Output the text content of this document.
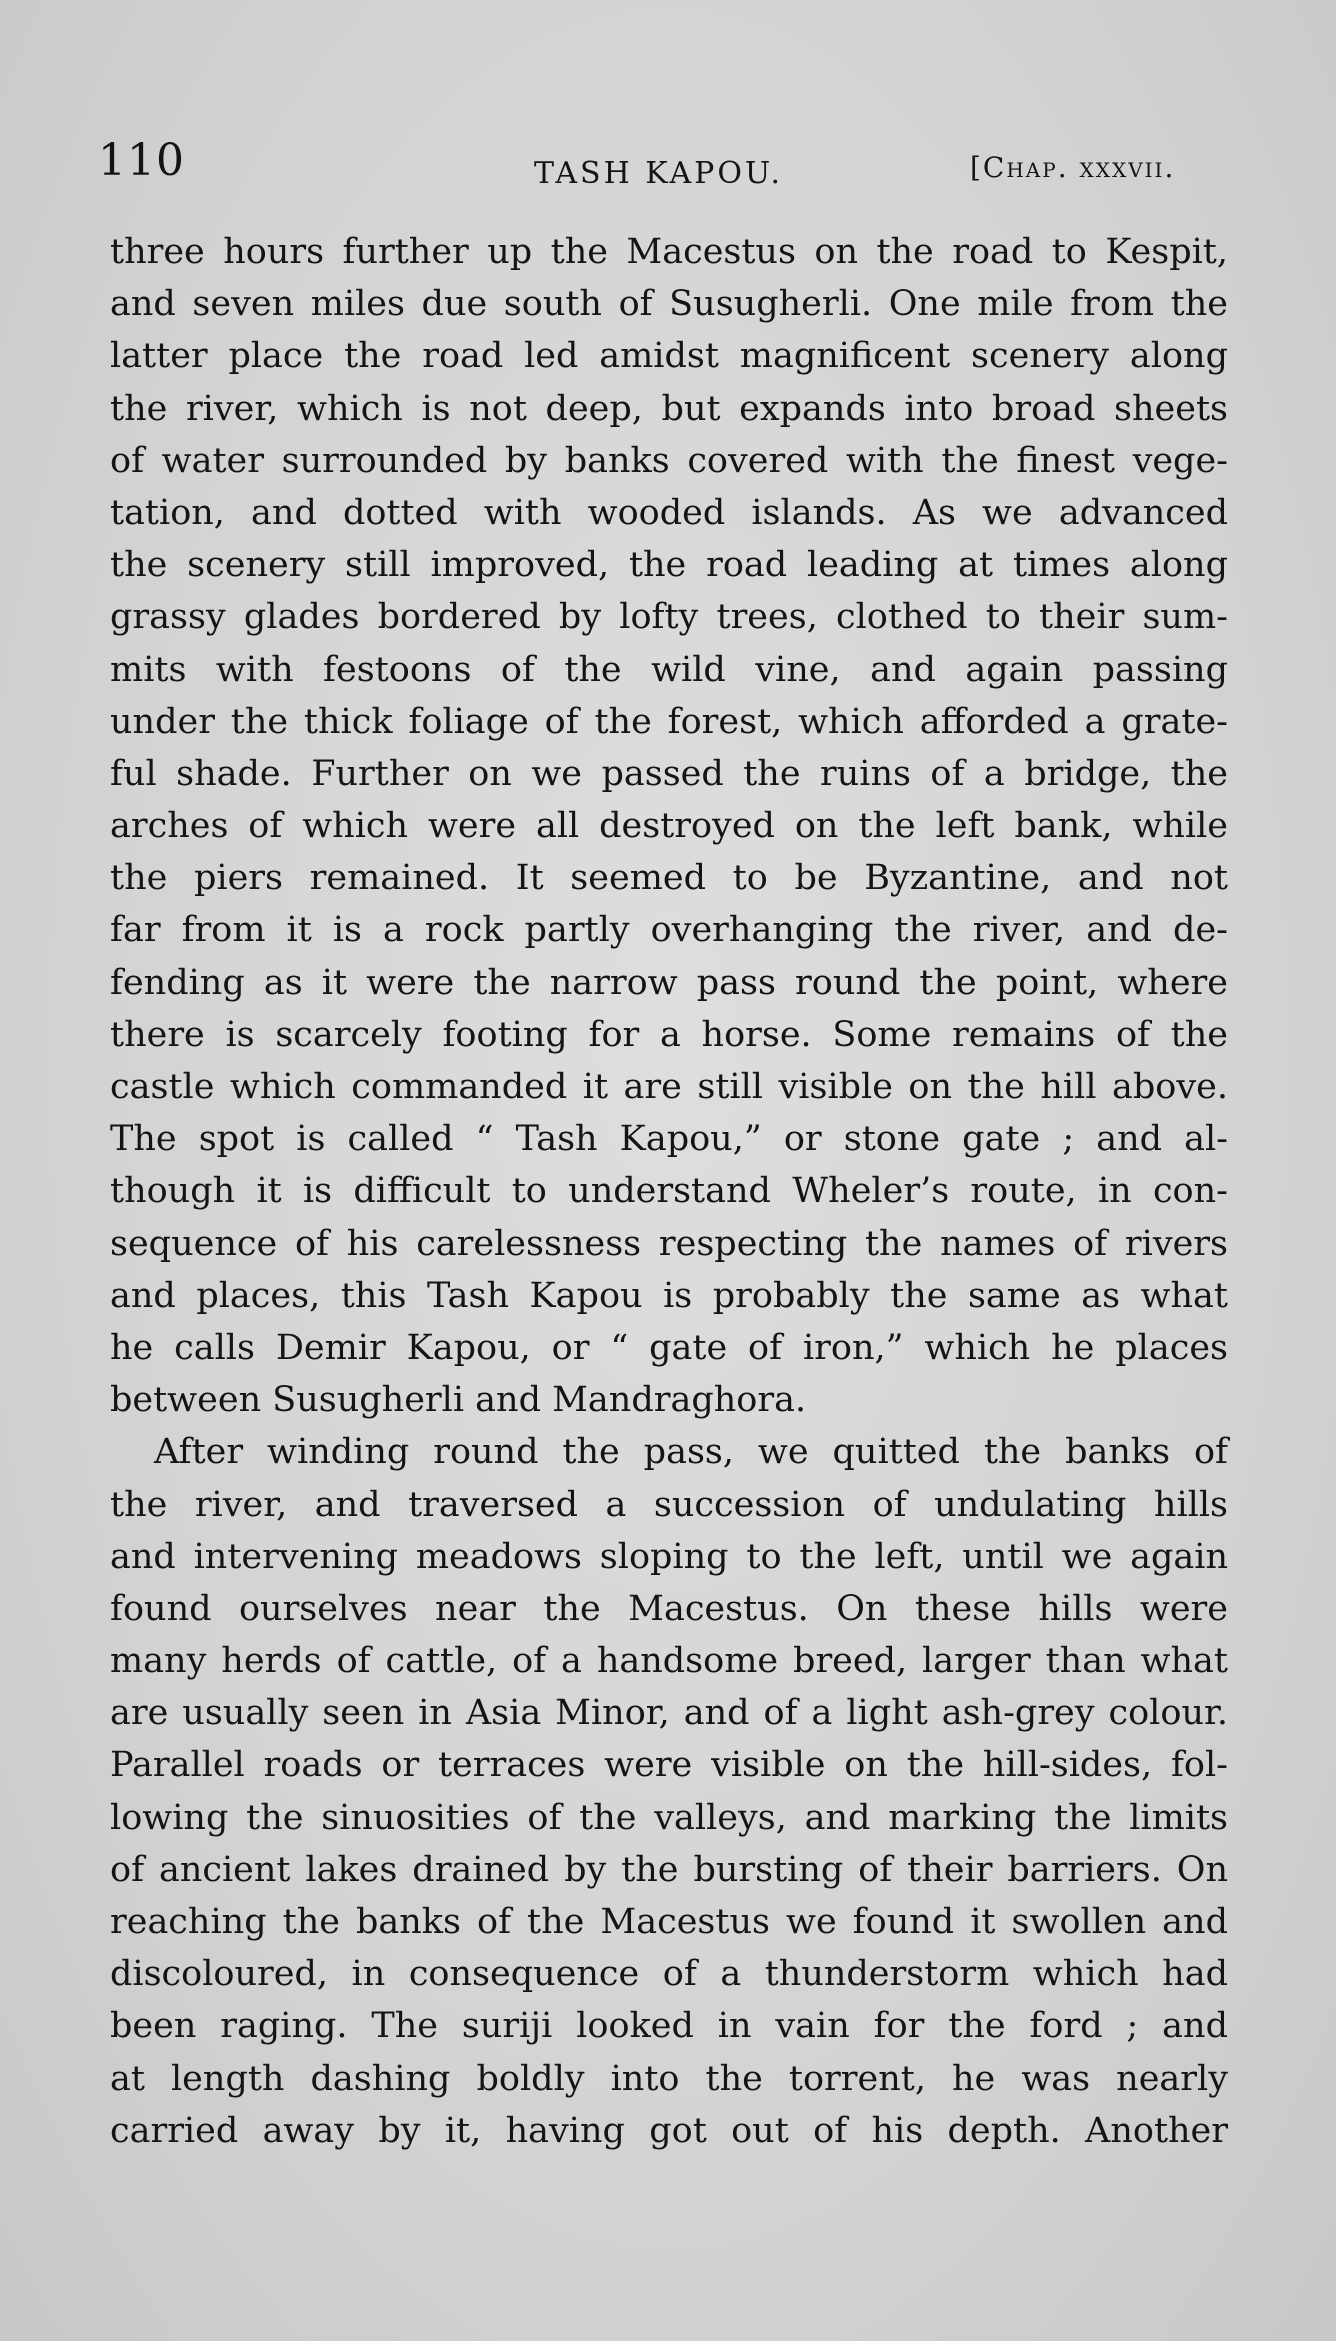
110	TASH KAPOU.	[Chap. xxxvii.
three hours further up the Macestus on the road to Kespit,
and seven miles due south of Susugherli. One mile from the
latter place the road led amidst magnificent scenery along
the river, which is not deep, but expands into broad sheets
of water surrounded by banks covered with the finest vege-
tation, and dotted with wooded islands. As we advanced
the scenery still improved, the road leading at times along
grassy glades bordered by lofty trees, clothed to their sum-
mits with festoons of the wild vine, and again passing
under the thick foliage of the forest, which afforded a grate-
ful shade. Further on we passed the ruins of a bridge, the
arches of which were all destroyed on the left bank, while
the piers remained. It seemed to be Byzantine, and not
far from it is a rock partly overhanging the river, and de-
fending as it were the narrow pass round the point, where
there is scarcely footing for a horse. Some remains of the
castle which commanded it are still visible on the hill above.
The spot is called “ Tash Kapou,” or stone gate ; and al-
though it is difficult to understand Wheler’s route, in con-
sequence of his carelessness respecting the names of rivers
and places, this Tash Kapou is probably the same as what
he calls Demir Kapou, or “ gate of iron,” which he places
between Susugherli and Mandraghora.
After winding round the pass, we quitted the banks of
the river, and traversed a succession of undulating hills
and intervening meadows sloping to the left, until we again
found ourselves near the Macestus. On these hills were
many herds of cattle, of a handsome breed, larger than what
are usually seen in Asia Minor, and of a light ash-grey colour.
Parallel roads or terraces were visible on the hill-sides, fol-
lowing the sinuosities of the valleys, and marking the limits
of ancient lakes drained by the bursting of their barriers. On
reaching the banks of the Macestus we found it swollen and
discoloured, in consequence of a thunderstorm which had
been raging. The suriji looked in vain for the ford ; and
at length dashing boldly into the torrent, he was nearly
carried away by it, having got out of his depth. Another
